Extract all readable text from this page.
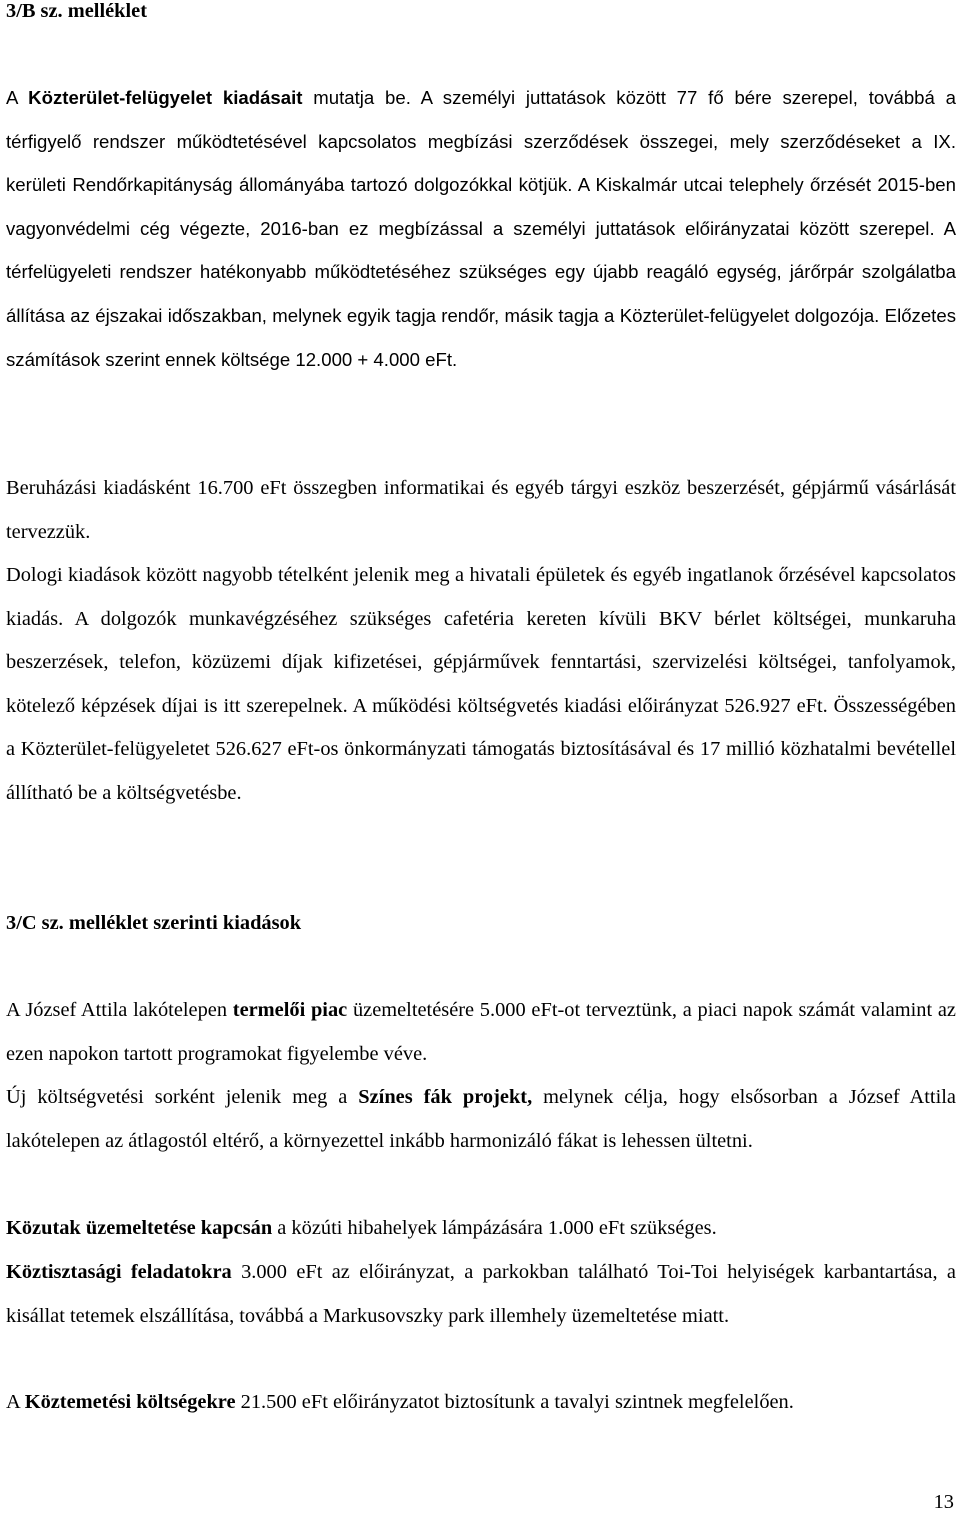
3/B sz. melléklet

A Közterület-felügyelet kiadásait mutatja be. A személyi juttatások között 77 fő bére szerepel, továbbá a térfigyelő rendszer működtetésével kapcsolatos megbízási szerződések összegei, mely szerződéseket a IX. kerületi Rendőrkapitányság állományába tartozó dolgozókkal kötjük. A Kiskalmár utcai telephely őrzését 2015-ben vagyonvédelmi cég végezte, 2016-ban ez megbízással a személyi juttatások előirányzatai között szerepel. A térfelügyeleti rendszer hatékonyabb működtetéséhez szükséges egy újabb reagáló egység, járőrpár szolgálatba állítása az éjszakai időszakban, melynek egyik tagja rendőr, másik tagja a Közterület-felügyelet dolgozója. Előzetes számítások szerint ennek költsége 12.000 + 4.000 eFt.

Beruházási kiadásként 16.700 eFt összegben informatikai és egyéb tárgyi eszköz beszerzését, gépjármű vásárlását tervezzük.

Dologi kiadások között nagyobb tételként jelenik meg a hivatali épületek és egyéb ingatlanok őrzésével kapcsolatos kiadás. A dolgozók munkavégzéséhez szükséges cafetéria kereten kívüli BKV bérlet költségei, munkaruha beszerzések, telefon, közüzemi díjak kifizetései, gépjárművek fenntartási, szervizelési költségei, tanfolyamok, kötelező képzések díjai is itt szerepelnek. A működési költségvetés kiadási előirányzat 526.927 eFt. Összességében a Közterület-felügyeletet 526.627 eFt-os önkormányzati támogatás biztosításával és 17 millió közhatalmi bevétellel állítható be a költségvetésbe.

3/C sz. melléklet szerinti kiadások

A József Attila lakótelepen termelői piac üzemeltetésére 5.000 eFt-ot terveztünk, a piaci napok számát valamint az ezen napokon tartott programokat figyelembe véve.

Új költségvetési sorként jelenik meg a Színes fák projekt, melynek célja, hogy elsősorban a József Attila lakótelepen az átlagostól eltérő, a környezettel inkább harmonizáló fákat is lehessen ültetni.

Közutak üzemeltetése kapcsán a közúti hibahelyek lámpázására 1.000 eFt szükséges.

Köztisztasági feladatokra 3.000 eFt az előirányzat, a parkokban található Toi-Toi helyiségek karbantartása, a kisállat tetemek elszállítása, továbbá a Markusovszky park illemhely üzemeltetése miatt.

A Köztemetési költségekre 21.500 eFt előirányzatot biztosítunk a tavalyi szintnek megfelelően.

13
